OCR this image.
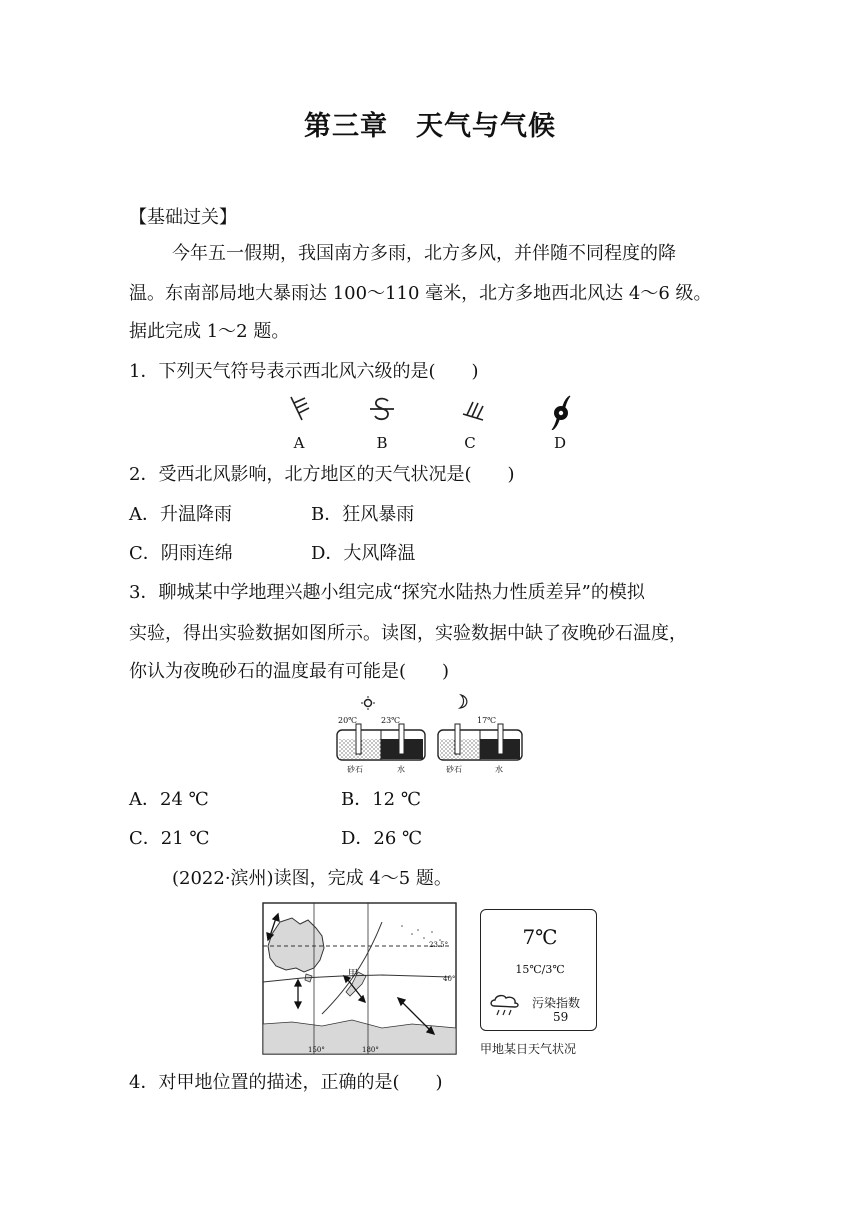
第三章　天气与气候
【基础过关】
今年五一假期，我国南方多雨，北方多风，并伴随不同程度的降
温。东南部局地大暴雨达 100～110 毫米，北方多地西北风达 4～6 级。
据此完成 1～2 题。
1．下列天气符号表示西北风六级的是(　　)
A	B	C	D
2．受西北风影响，北方地区的天气状况是(　　)
A．升温降雨	B．狂风暴雨
C．阴雨连绵	D．大风降温
3．聊城某中学地理兴趣小组完成“探究水陆热力性质差异”的模拟
实验，得出实验数据如图所示。读图，实验数据中缺了夜晚砂石温度，
你认为夜晚砂石的温度最有可能是(　　)
20℃	23℃	17℃
砂石	水	砂石	水
A．24 ℃	B．12 ℃
C．21 ℃	D．26 ℃
(2022·滨州)读图，完成 4～5 题。
23.5°
40°
150°	180°
甲
7℃
15℃/3℃
污染指数
59
甲地某日天气状况
4．对甲地位置的描述，正确的是(　　)
